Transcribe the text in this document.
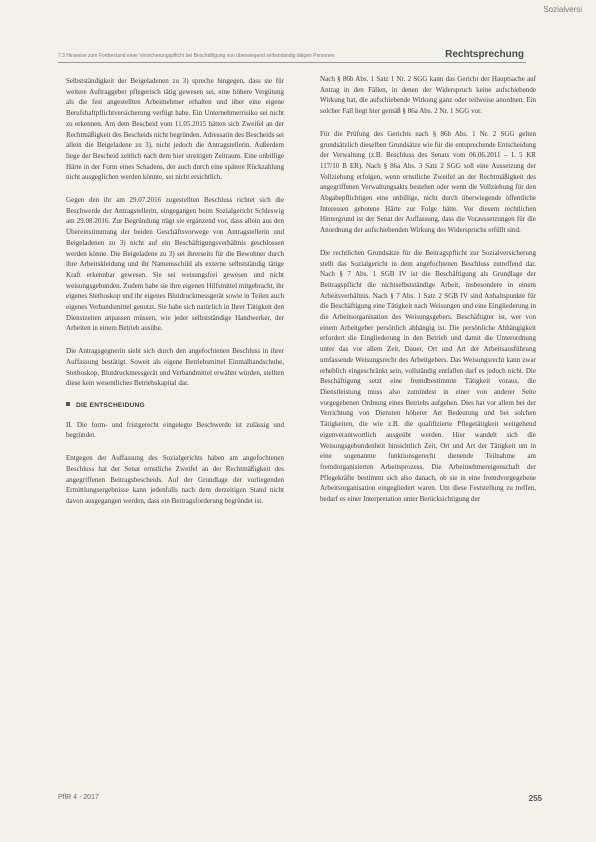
Sozialversi
7.3 Hinweise zum Fortbestand einer Versicherungspflicht bei Beschäftigung von überwiegend selbstständig tätigen Personen	Rechtsprechung

Selbstständigkeit der Beigeladenen zu 3) spreche hingegen, dass sie für weitere Auftraggeber pflegerisch tätig gewesen sei, eine höhere Vergütung als die fest angestellten Arbeitnehmer erhalten und über eine eigene Berufshaftpflichtversicherung verfügt habe. Ein Unternehmerrisiko sei nicht zu erkennen. Am dem Bescheid vom 11.05.2015 hätten sich Zweifel an der Rechtmäßigkeit des Bescheids nicht begründen. Adressatin des Bescheids sei allein die Beigeladene zu 3), nicht jedoch die Antragstellerin. Außerdem liege der Bescheid zeitlich nach dem hier streitigen Zeitraum. Eine unbillige Härte in der Form eines Schadens, der auch durch eine spätere Rückzahlung nicht ausgeglichen werden könnte, sei nicht ersichtlich.

Gegen den ihr am 29.07.2016 zugestellten Beschluss richtet sich die Beschwerde der Antragstellerin, eingegangen beim Sozialgericht Schleswig am 29.08.2016. Zur Begründung trägt sie ergänzend vor, dass allein aus den Übereinstimmung der beiden Geschäftsvorwege von Antragstellerin und Beigeladenen zu 3) nicht auf ein Beschäftigungsverhältnis geschlossen werden könne. Die Beigeladene zu 3) sei ihrerseits für die Bewohner durch ihre Arbeitskleidung und ihr Namensschild als externe selbstständig tätige Kraft erkennbar gewesen. Sie sei weisungsfrei gewesen und nicht weisungsgebunden. Zudem habe sie ihre eigenen Hilfsmittel mitgebracht, ihr eigenes Stethoskop und ihr eigenes Blutdruckmessgerät sowie in Teilen auch eigenes Verbandsmittel genutzt. Sie habe sich natürlich in Ihrer Tätigkeit den Dienstzeiten anpassen müssen, wie jeder selbstständige Handwerker, der Arbeiten in einem Betrieb ausübe.

Die Antragsgegnerin sieht sich durch den angefochtenen Beschluss in ihrer Auffassung bestätigt. Soweit als eigene Betriebsmittel Einmalhandschuhe, Stethoskop, Blutdruckmessgerät und Verbandmittel erwähnt würden, stellten diese kein wesentliches Betriebskapital dar.

DIE ENTSCHEIDUNG

II. Die form- und fristgerecht eingelegte Beschwerde ist zulässig und begründet.

Entgegen der Auffassung des Sozialgerichts haben am angefochtenen Beschluss hat der Senat ernstliche Zweifel an der Rechtmäßigkeit des angegriffenen Beitragsbescheids. Auf der Grundlage der vorliegenden Ermittlungsergebnisse kann jedenfalls nach dem derzeitigen Stand nicht davon ausgegangen werden, dass ein Beitragsforderung begründet ist.

Nach § 86b Abs. 1 Satz 1 Nr. 2 SGG kann das Gericht der Hauptsache auf Antrag in den Fällen, in denen der Widerspruch keine aufschiebende Wirkung hat, die aufschiebende Wirkung ganz oder teilweise anordnen. Ein solcher Fall liegt hier gemäß § 86a Abs. 2 Nr. 1 SGG vor.

Für die Prüfung des Gerichts nach § 86b Abs. 1 Nr. 2 SGG gelten grundsätzlich dieselben Grundsätze wie für die entsprechende Entscheidung der Verwaltung (z.B. Beschluss des Senats vom 06.06.2011 – L 5 KR 117/10 B ER). Nach § 86a Abs. 3 Satz 2 SGG soll eine Aussetzung der Vollziehung erfolgen, wenn ernstliche Zweifel an der Rechtmäßigkeit des angegriffenen Verwaltungsakts bestehen oder wenn die Vollziehung für den Abgabepflichtigen eine unbillige, nicht durch überwiegende öffentliche Interessen gebotene Härte zur Folge hätte. Vor diesem rechtlichen Hintergrund ist der Senat der Auffassung, dass die Voraussetzungen für die Anordnung der aufschiebenden Wirkung des Widerspruchs erfüllt sind.

Die rechtlichen Grundsätze für die Beitragspflicht zur Sozialversicherung stellt das Sozialgericht in dem angefochtenen Beschluss zutreffend dar. Nach § 7 Abs. 1 SGB IV ist die Beschäftigung als Grundlage der Beitragspflicht die nichtselbstständige Arbeit, insbesondere in einem Arbeitsverhältnis. Nach § 7 Abs. 1 Satz 2 SGB IV sind Anhaltspunkte für die Beschäftigung eine Tätigkeit nach Weisungen und eine Eingliederung in die Arbeitsorganisation des Weisungsgebers. Beschäftigter ist, wer von einem Arbeitgeber persönlich abhängig ist. Die persönliche Abhängigkeit erfordert die Eingliederung in den Betrieb und damit die Unterordnung unter das vor allem Zeit, Dauer, Ort und Art der Arbeitsausführung umfassende Weisungsrecht des Arbeitgebers. Das Weisungsrecht kann zwar erheblich eingeschränkt sein, vollständig entfallen darf es jedoch nicht. Die Beschäftigung setzt eine fremdbestimmte Tätigkeit voraus, die Dienstleistung muss also zumindest in einer von anderer Seite vorgegebenen Ordnung eines Betriebs aufgehen. Dies hat vor allem bei der Verrichtung von Diensten höherer Art Bedeutung und bei solchen Tätigkeiten, die wie z.B. die qualifizierte Pflegetätigkeit weitgehend eigenverantwortlich ausgeübt werden. Hier wandelt sich die Weisungsgebundenheit hinsichtlich Zeit, Ort und Art der Tätigkeit um in eine sogenannte funktionsgerecht dienende Teilnahme am fremdorganisierten Arbeitsprozess. Die Arbeitnehmereigenschaft der Pflegekräfte bestimmt sich also danach, ob sie in eine fremdvorgegebene Arbeitsorganisation eingegliedert waren. Um diese Feststellung zu treffen, bedarf es einer Interpretation unter Berücksichtigung der

PflR 4 · 2017	255
